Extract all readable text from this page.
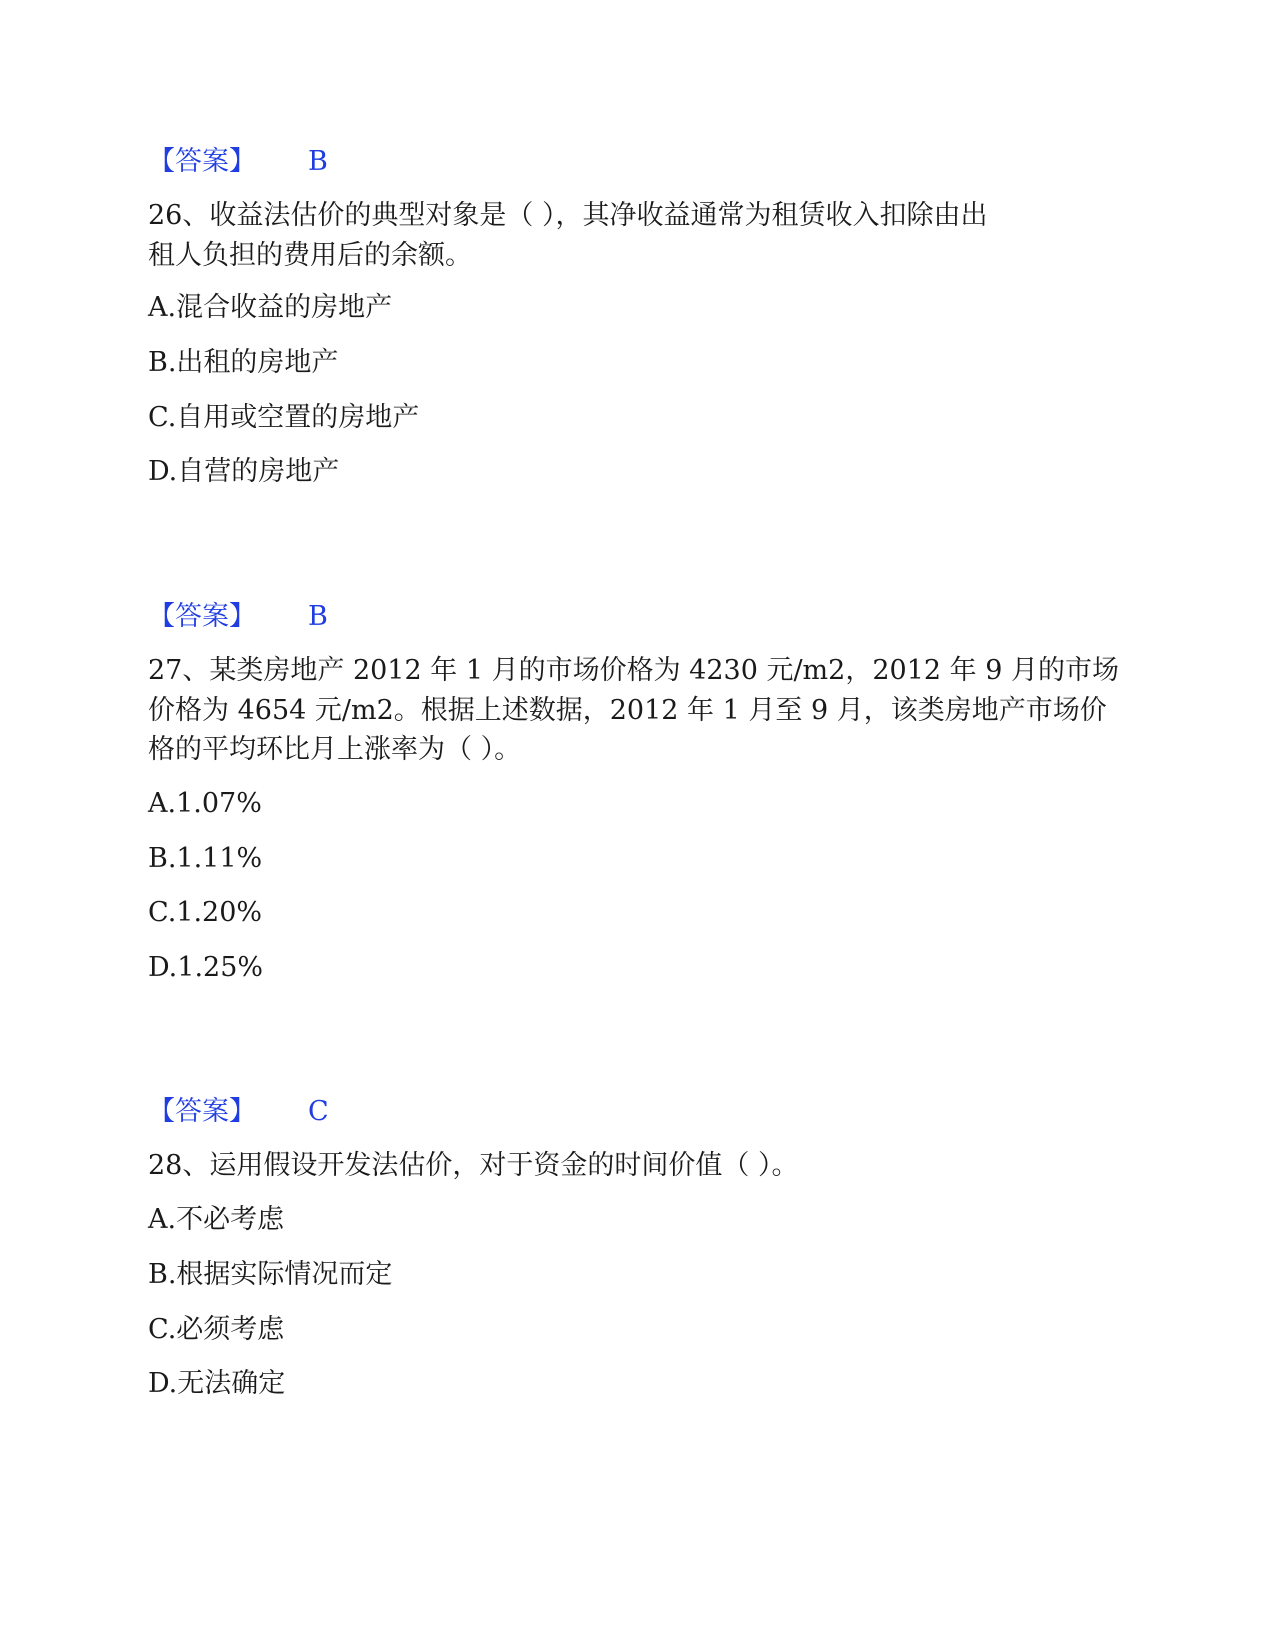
【答案】 B
26、收益法估价的典型对象是（ ），其净收益通常为租赁收入扣除由出
租人负担的费用后的余额。
A.混合收益的房地产
B.出租的房地产
C.自用或空置的房地产
D.自营的房地产
【答案】 B
27、某类房地产 2012 年 1 月的市场价格为 4230 元/m2，2012 年 9 月的市场
价格为 4654 元/m2。根据上述数据，2012 年 1 月至 9 月，该类房地产市场价
格的平均环比月上涨率为（ ）。
A.1.07%
B.1.11%
C.1.20%
D.1.25%
【答案】 C
28、运用假设开发法估价，对于资金的时间价值（ ）。
A.不必考虑
B.根据实际情况而定
C.必须考虑
D.无法确定
